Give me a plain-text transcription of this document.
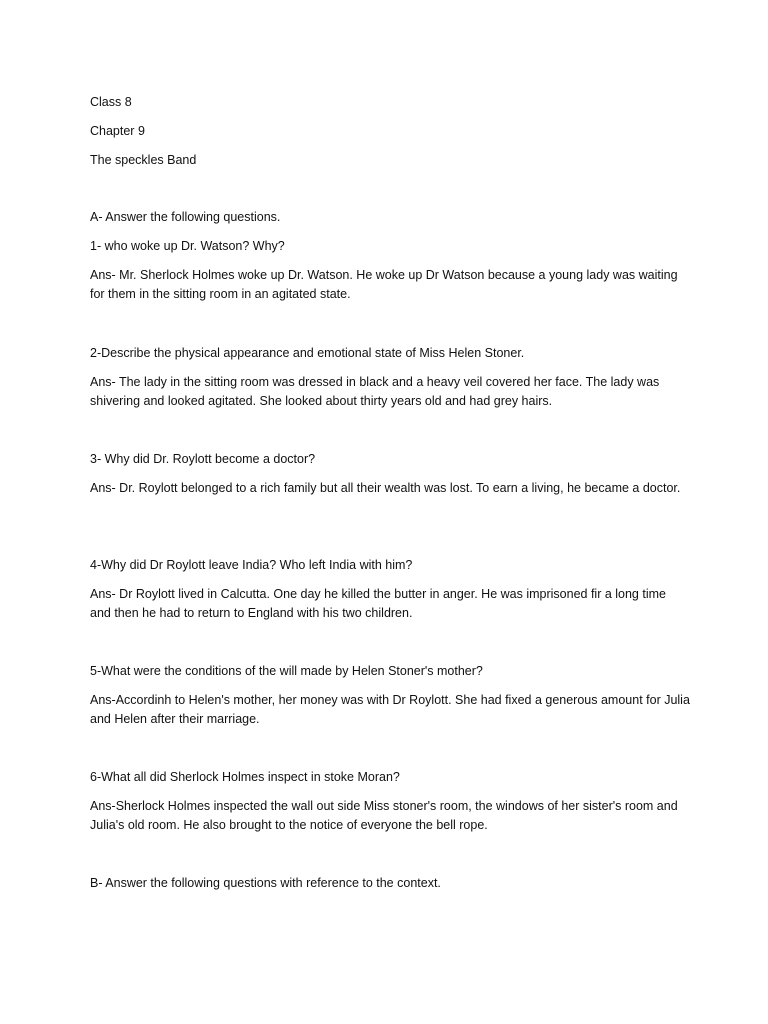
Class 8
Chapter 9
The speckles Band
A- Answer the following questions.
1- who woke up Dr. Watson? Why?
Ans- Mr. Sherlock Holmes woke up Dr. Watson. He woke up Dr Watson because a young lady was waiting for them in the sitting room in an agitated state.
2-Describe the physical appearance and emotional state of Miss Helen Stoner.
Ans- The lady in the sitting room was dressed in black and a heavy veil covered her face. The lady was shivering and looked agitated. She looked about thirty years old and had grey hairs.
3- Why did Dr. Roylott become a doctor?
Ans- Dr. Roylott belonged to a rich family but all their wealth was lost. To earn a living, he became a doctor.
4-Why did Dr Roylott leave India? Who left India with him?
Ans- Dr Roylott lived in Calcutta. One day he killed the butter in anger. He was imprisoned fir a long time and then he had to return to England with his two children.
5-What were the conditions of the will made by Helen Stoner's mother?
Ans-Accordinh to Helen's mother, her money was with Dr Roylott. She had fixed a generous amount for Julia and Helen after their marriage.
6-What all did Sherlock Holmes inspect in stoke Moran?
Ans-Sherlock Holmes inspected the wall out side Miss stoner's room, the windows of her sister's room and Julia's old room. He also brought to the notice of everyone the bell rope.
B- Answer the following questions with reference to the context.
